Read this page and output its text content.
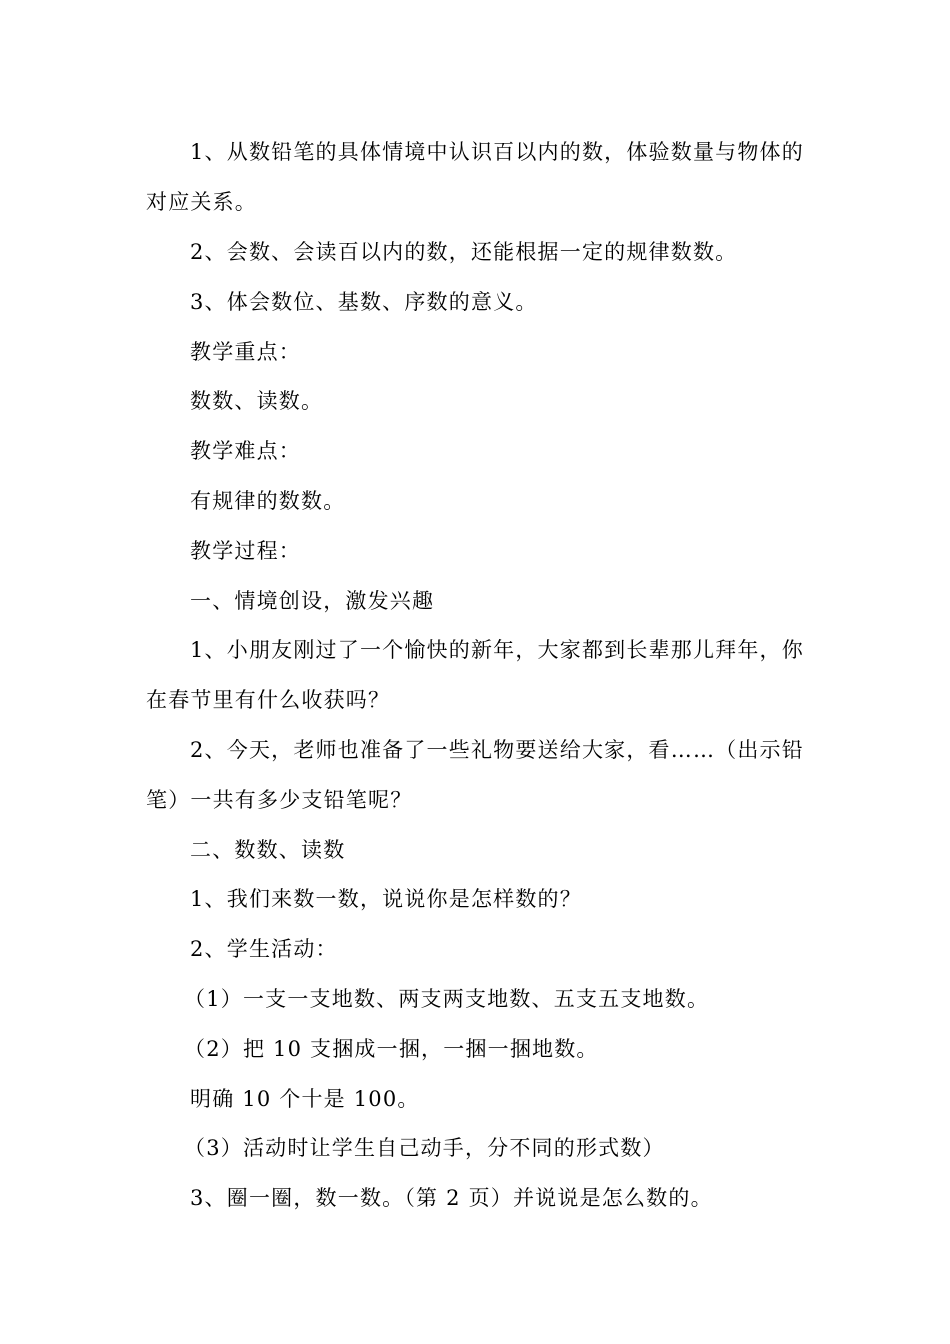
1、从数铅笔的具体情境中认识百以内的数，体验数量与物体的
对应关系。
2、会数、会读百以内的数，还能根据一定的规律数数。
3、体会数位、基数、序数的意义。
教学重点：
数数、读数。
教学难点：
有规律的数数。
教学过程：
一、情境创设，激发兴趣
1、小朋友刚过了一个愉快的新年，大家都到长辈那儿拜年，你
在春节里有什么收获吗？
2、今天，老师也准备了一些礼物要送给大家，看……（出示铅
笔）一共有多少支铅笔呢？
二、数数、读数
1、我们来数一数，说说你是怎样数的？
2、学生活动：
（1）一支一支地数、两支两支地数、五支五支地数。
（2）把 10 支捆成一捆，一捆一捆地数。
明确 10 个十是 100。
（3）活动时让学生自己动手，分不同的形式数）
3、圈一圈，数一数。（第 2 页）并说说是怎么数的。
